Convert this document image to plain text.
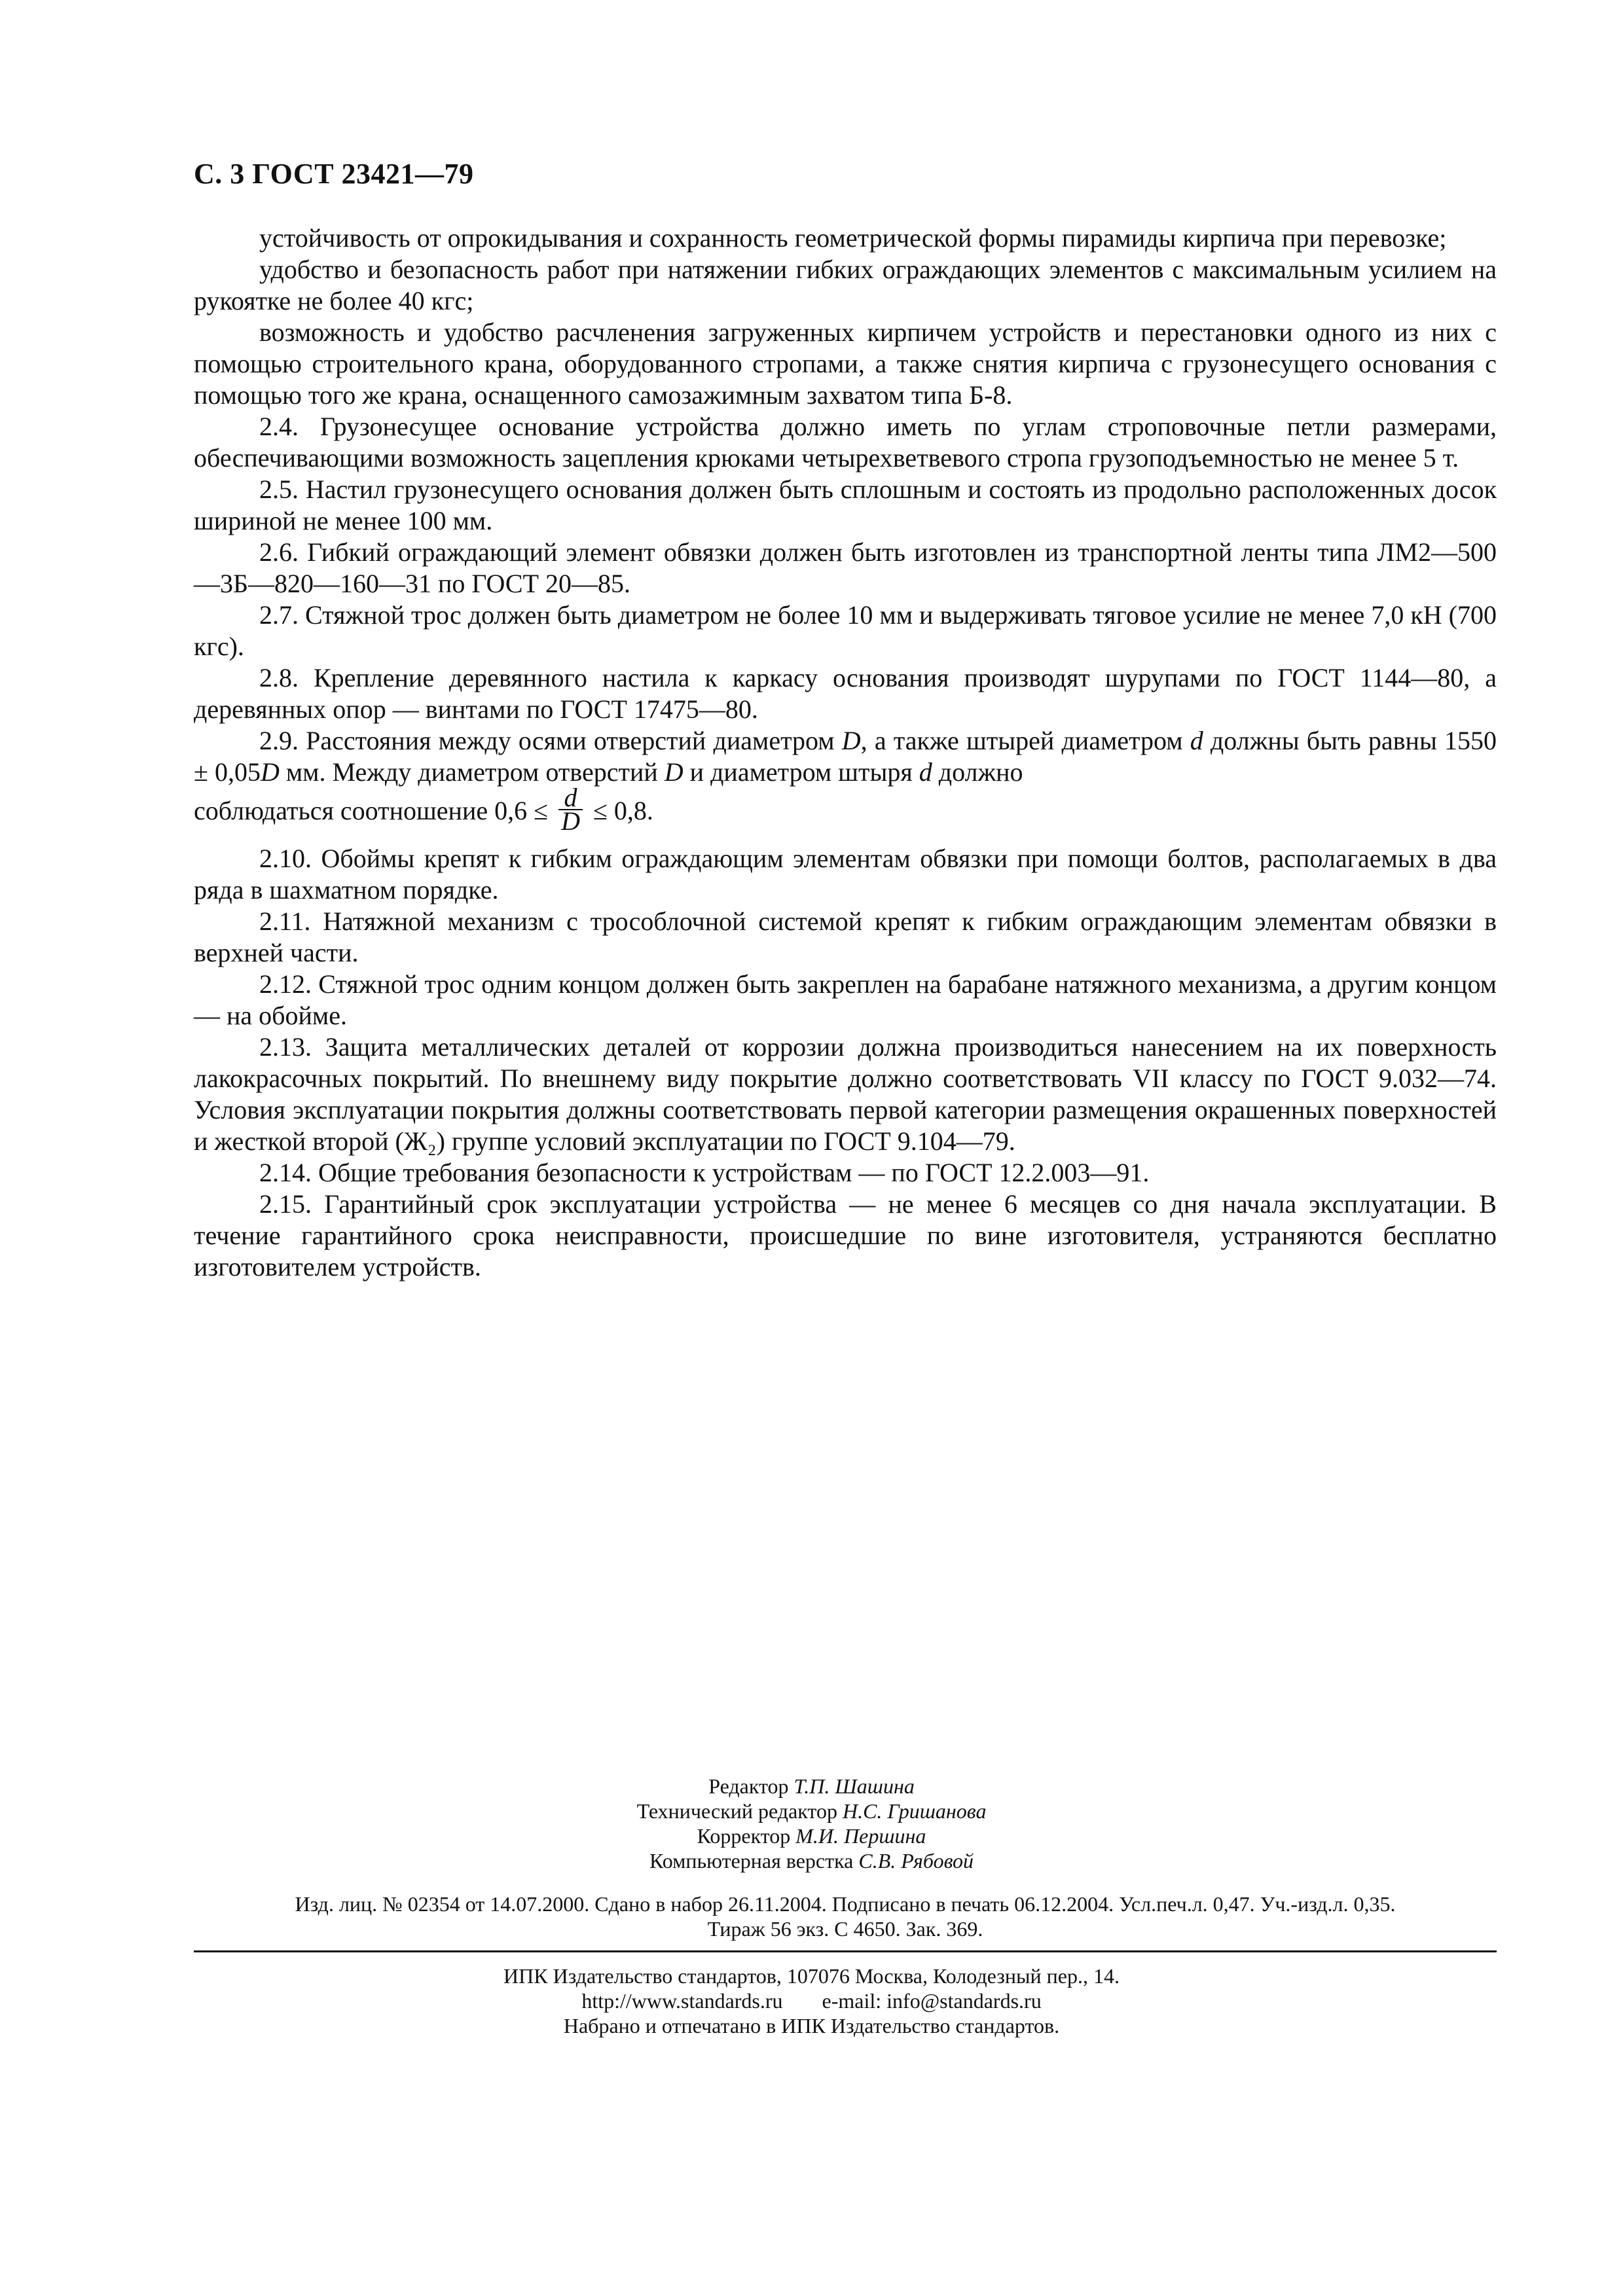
С. 3 ГОСТ 23421—79

устойчивость от опрокидывания и сохранность геометрической формы пирамиды кирпича при перевозке;

удобство и безопасность работ при натяжении гибких ограждающих элементов с максимальным усилием на рукоятке не более 40 кгс;

возможность и удобство расчленения загруженных кирпичем устройств и перестановки одного из них с помощью строительного крана, оборудованного стропами, а также снятия кирпича с грузонесущего основания с помощью того же крана, оснащенного самозажимным захватом типа Б-8.

2.4. Грузонесущее основание устройства должно иметь по углам строповочные петли размерами, обеспечивающими возможность зацепления крюками четырехветвевого стропа грузоподъемностью не менее 5 т.

2.5. Настил грузонесущего основания должен быть сплошным и состоять из продольно расположенных досок шириной не менее 100 мм.

2.6. Гибкий ограждающий элемент обвязки должен быть изготовлен из транспортной ленты типа ЛМ2—500—3Б—820—160—31 по ГОСТ 20—85.

2.7. Стяжной трос должен быть диаметром не более 10 мм и выдерживать тяговое усилие не менее 7,0 кН (700 кгс).

2.8. Крепление деревянного настила к каркасу основания производят шурупами по ГОСТ 1144—80, а деревянных опор — винтами по ГОСТ 17475—80.

2.9. Расстояния между осями отверстий диаметром D, а также штырей диаметром d должны быть равны 1550 ± 0,05D мм. Между диаметром отверстий D и диаметром штыря d должно

соблюдаться соотношение $0,6 \le \frac{d}{D} \le 0,8$.

2.10. Обоймы крепят к гибким ограждающим элементам обвязки при помощи болтов, располагаемых в два ряда в шахматном порядке.

2.11. Натяжной механизм с трособлочной системой крепят к гибким ограждающим элементам обвязки в верхней части.

2.12. Стяжной трос одним концом должен быть закреплен на барабане натяжного механизма, а другим концом — на обойме.

2.13. Защита металлических деталей от коррозии должна производиться нанесением на их поверхность лакокрасочных покрытий. По внешнему виду покрытие должно соответствовать VII классу по ГОСТ 9.032—74. Условия эксплуатации покрытия должны соответствовать первой категории размещения окрашенных поверхностей и жесткой второй (Ж₂) группе условий эксплуатации по ГОСТ 9.104—79.

2.14. Общие требования безопасности к устройствам — по ГОСТ 12.2.003—91.

2.15. Гарантийный срок эксплуатации устройства — не менее 6 месяцев со дня начала эксплуатации. В течение гарантийного срока неисправности, происшедшие по вине изготовителя, устраняются бесплатно изготовителем устройств.

Редактор Т.П. Шашина
Технический редактор Н.С. Гришанова
Корректор М.И. Першина
Компьютерная верстка С.В. Рябовой
Изд. лиц. № 02354 от 14.07.2000. Сдано в набор 26.11.2004. Подписано в печать 06.12.2004. Усл.печ.л. 0,47. Уч.-изд.л. 0,35.
Тираж 56 экз. С 4650. Зак. 369.
ИПК Издательство стандартов, 107076 Москва, Колодезный пер., 14.
http://www.standards.ru e-mail: info@standards.ru
Набрано и отпечатано в ИПК Издательство стандартов.
